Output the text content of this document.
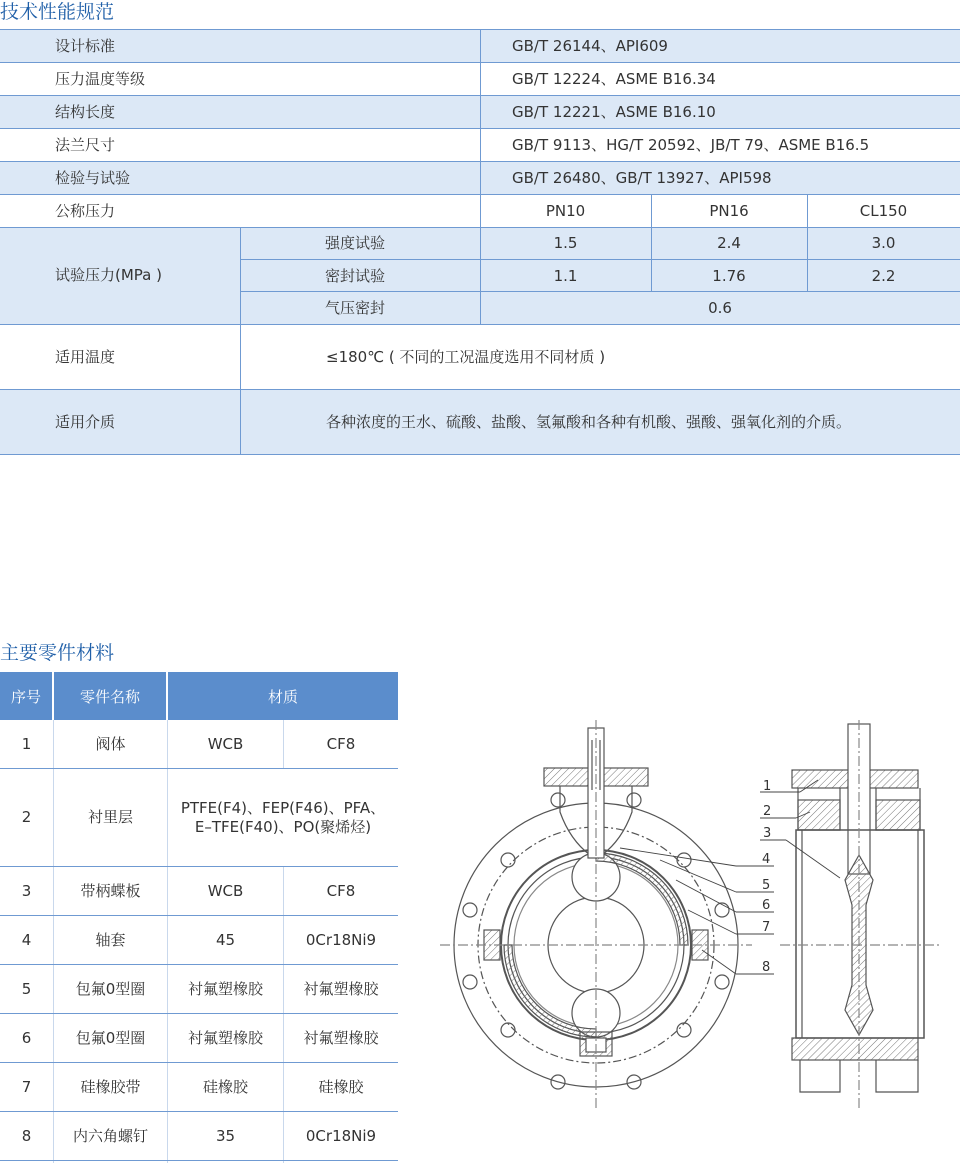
技术性能规范
设计标准	GB/T 26144、API609
压力温度等级	GB/T 12224、ASME B16.34
结构长度	GB/T 12221、ASME B16.10
法兰尺寸	GB/T 9113、HG/T 20592、JB/T 79、ASME B16.5
检验与试验	GB/T 26480、GB/T 13927、API598
公称压力	PN10	PN16	CL150
试验压力(MPa )
强度试验	1.5	2.4	3.0
密封试验	1.1	1.76	2.2
气压密封	0.6
适用温度	≤180℃ ( 不同的工况温度选用不同材质 )
适用介质	各种浓度的王水、硫酸、盐酸、氢氟酸和各种有机酸、强酸、强氧化剂的介质。
主要零件材料
序号	零件名称	材质
1	阀体	WCB	CF8
2	衬里层
PTFE(F4)、FEP(F46)、PFA、
E–TFE(F40)、PO(聚烯烃)
3	带柄蝶板	WCB	CF8
4	轴套	45	0Cr18Ni9
5	包氟0型圈	衬氟塑橡胶	衬氟塑橡胶
6	包氟0型圈	衬氟塑橡胶	衬氟塑橡胶
7	硅橡胶带	硅橡胶	硅橡胶
8	内六角螺钉	35	0Cr18Ni9
1
2
3
4
5
6
7
8
